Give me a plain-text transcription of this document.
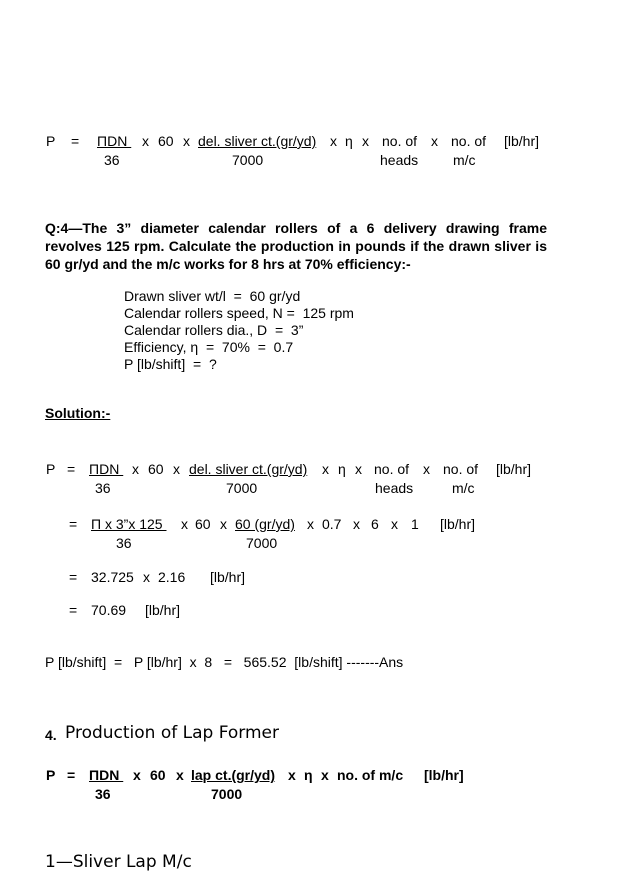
P = ΠDN x 60 x del. sliver ct.(gr/yd) x η x no. of x no. of [lb/hr]
36	7000	heads m/c
Q:4—The 3” diameter calendar rollers of a 6 delivery drawing frame revolves 125 rpm. Calculate the production in pounds if the drawn sliver is 60 gr/yd and the m/c works for 8 hrs at 70% efficiency:-
Drawn sliver wt/l  =  60 gr/yd
Calendar rollers speed, N =  125 rpm
Calendar rollers dia., D  =  3”
Efficiency, η  =  70%  =  0.7
P [lb/shift]  =  ?
Solution:-
P = ΠDN x 60 x del. sliver ct.(gr/yd) x η x no. of x no. of [lb/hr]
36	7000	heads	m/c
= Π x 3”x 125 x 60 x 60 (gr/yd) x 0.7 x 6 x 1 [lb/hr]
36	7000
= 32.725 x 2.16 [lb/hr]
= 70.69 [lb/hr]
P [lb/shift]  =   P [lb/hr]  x  8   =   565.52  [lb/shift] -------Ans
4. Production of Lap Former
P = ΠDN x 60 x lap ct.(gr/yd) x η x no. of m/c [lb/hr]
36	7000
1—Sliver Lap M/c
